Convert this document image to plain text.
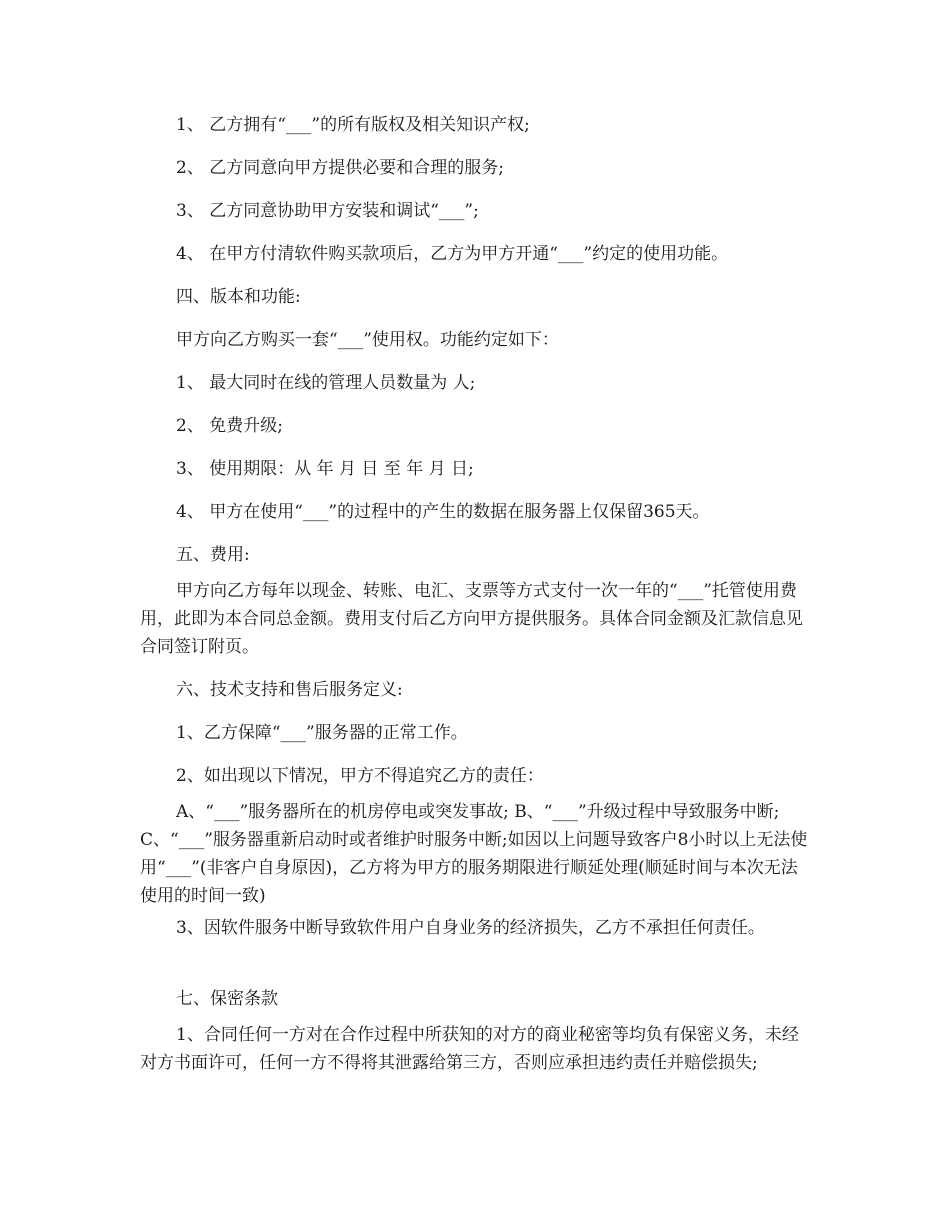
1、 乙方拥有“___”的所有版权及相关知识产权;

2、 乙方同意向甲方提供必要和合理的服务;

3、 乙方同意协助甲方安装和调试“___”;

4、 在甲方付清软件购买款项后，乙方为甲方开通“___”约定的使用功能。

四、版本和功能:

甲方向乙方购买一套“___”使用权。功能约定如下：

1、 最大同时在线的管理人员数量为 人;

2、 免费升级;

3、 使用期限：从 年 月 日 至 年 月 日;

4、 甲方在使用“___”的过程中的产生的数据在服务器上仅保留365天。

五、费用:

甲方向乙方每年以现金、转账、电汇、支票等方式支付一次一年的“___”托管使用费用，此即为本合同总金额。费用支付后乙方向甲方提供服务。具体合同金额及汇款信息见合同签订附页。

六、技术支持和售后服务定义:

1、乙方保障“___”服务器的正常工作。

2、如出现以下情况，甲方不得追究乙方的责任：

A、“___”服务器所在的机房停电或突发事故; B、“___”升级过程中导致服务中断; C、“___”服务器重新启动时或者维护时服务中断;如因以上问题导致客户8小时以上无法使用“___”(非客户自身原因)，乙方将为甲方的服务期限进行顺延处理(顺延时间与本次无法使用的时间一致)

3、因软件服务中断导致软件用户自身业务的经济损失，乙方不承担任何责任。

七、保密条款

1、合同任何一方对在合作过程中所获知的对方的商业秘密等均负有保密义务，未经对方书面许可，任何一方不得将其泄露给第三方，否则应承担违约责任并赔偿损失;
